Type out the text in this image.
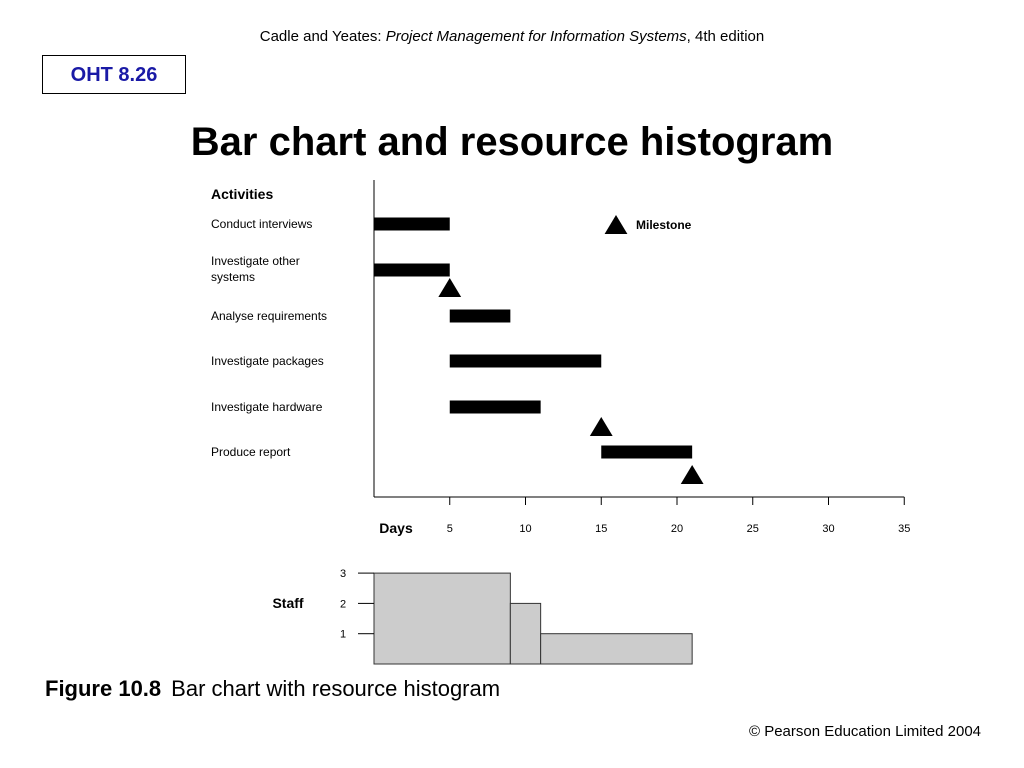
Cadle and Yeates: Project Management for Information Systems, 4th edition
OHT 8.26
Bar chart and resource histogram
Activities
5	10	15	20	25	30	35
Days
Conduct interviews
Investigate other
systems
Analyse requirements
Investigate packages
Investigate hardware
Produce report
Milestone
1
2
3
Staff
Figure 10.8 Bar chart with resource histogram
© Pearson Education Limited 2004
